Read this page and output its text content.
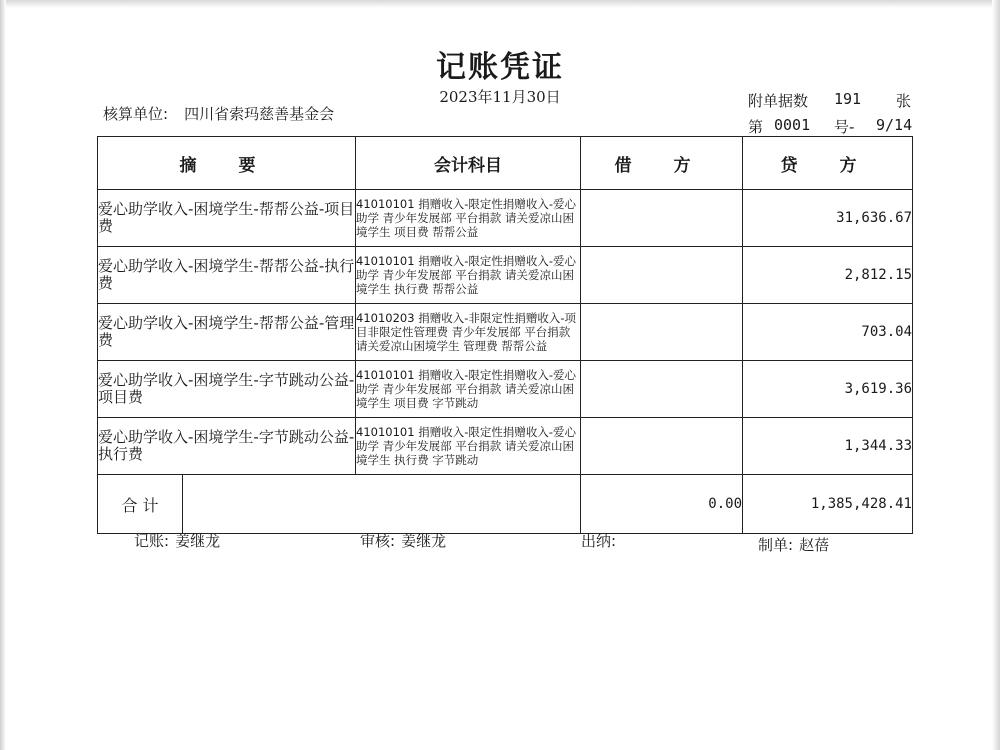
记账凭证
2023年11月30日
核算单位: 四川省索玛慈善基金会
附单据数 191 张
第 0001 号- 9/14
摘 要	会计科目	借 方	贷 方
爱心助学收入-困境学生-帮帮公益-项目费	41010101 捐赠收入-限定性捐赠收入-爱心助学 青少年发展部 平台捐款 请关爱凉山困境学生 项目费 帮帮公益		31,636.67
爱心助学收入-困境学生-帮帮公益-执行费	41010101 捐赠收入-限定性捐赠收入-爱心助学 青少年发展部 平台捐款 请关爱凉山困境学生 执行费 帮帮公益		2,812.15
爱心助学收入-困境学生-帮帮公益-管理费	41010203 捐赠收入-非限定性捐赠收入-项目非限定性管理费 青少年发展部 平台捐款 请关爱凉山困境学生 管理费 帮帮公益		703.04
爱心助学收入-困境学生-字节跳动公益-项目费	41010101 捐赠收入-限定性捐赠收入-爱心助学 青少年发展部 平台捐款 请关爱凉山困境学生 项目费 字节跳动		3,619.36
爱心助学收入-困境学生-字节跳动公益-执行费	41010101 捐赠收入-限定性捐赠收入-爱心助学 青少年发展部 平台捐款 请关爱凉山困境学生 执行费 字节跳动		1,344.33

合 计		0.00	1,385,428.41
记账: 姜继龙	审核: 姜继龙	出纳:	制单: 赵蓓
